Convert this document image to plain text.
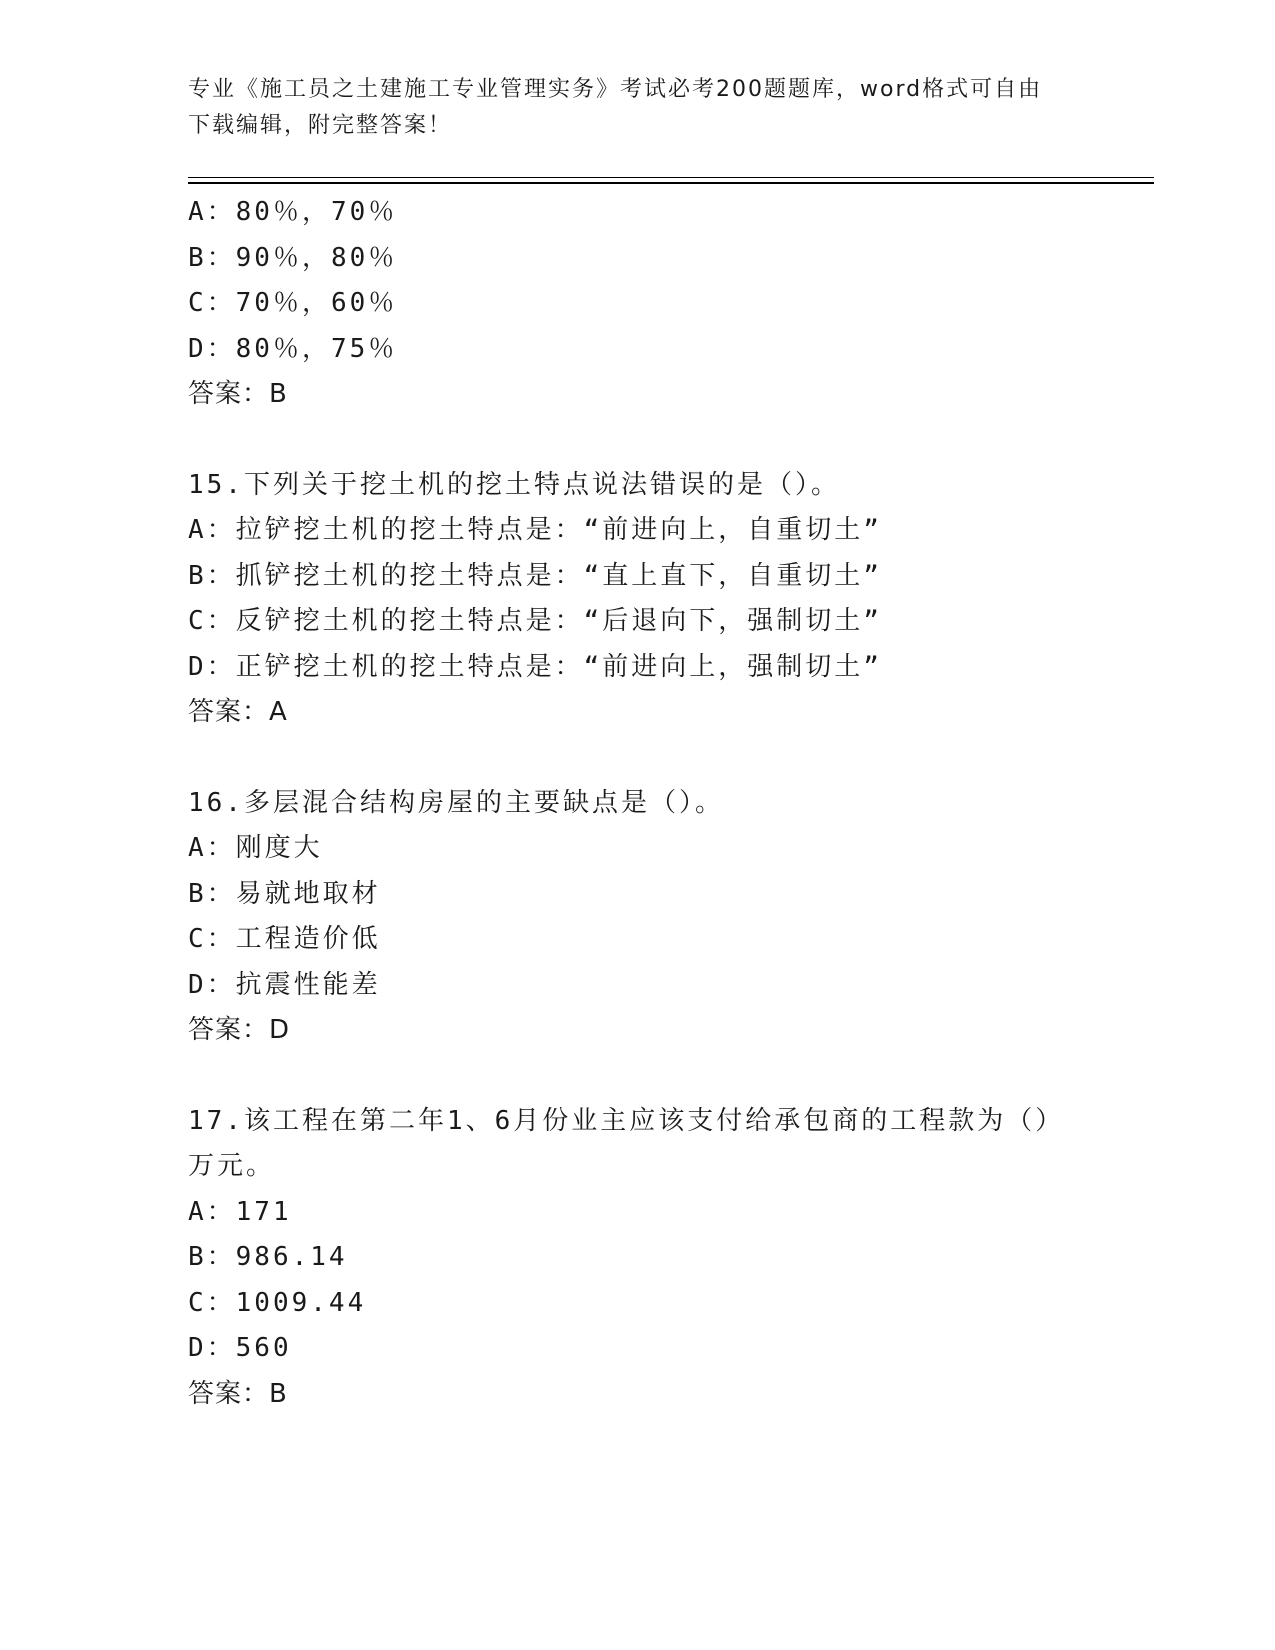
专业《施工员之土建施工专业管理实务》考试必考200题题库，word格式可自由
下载编辑，附完整答案！
A：80％，70％
B：90％，80％
C：70％，60％
D：80％，75％
答案：B
15.下列关于挖土机的挖土特点说法错误的是（）。
A：拉铲挖土机的挖土特点是：“前进向上，自重切土”
B：抓铲挖土机的挖土特点是：“直上直下，自重切土”
C：反铲挖土机的挖土特点是：“后退向下，强制切土”
D：正铲挖土机的挖土特点是：“前进向上，强制切土”
答案：A
16.多层混合结构房屋的主要缺点是（）。
A：刚度大
B：易就地取材
C：工程造价低
D：抗震性能差
答案：D
17.该工程在第二年1、6月份业主应该支付给承包商的工程款为（）
万元。
A：171
B：986.14
C：1009.44
D：560
答案：B
